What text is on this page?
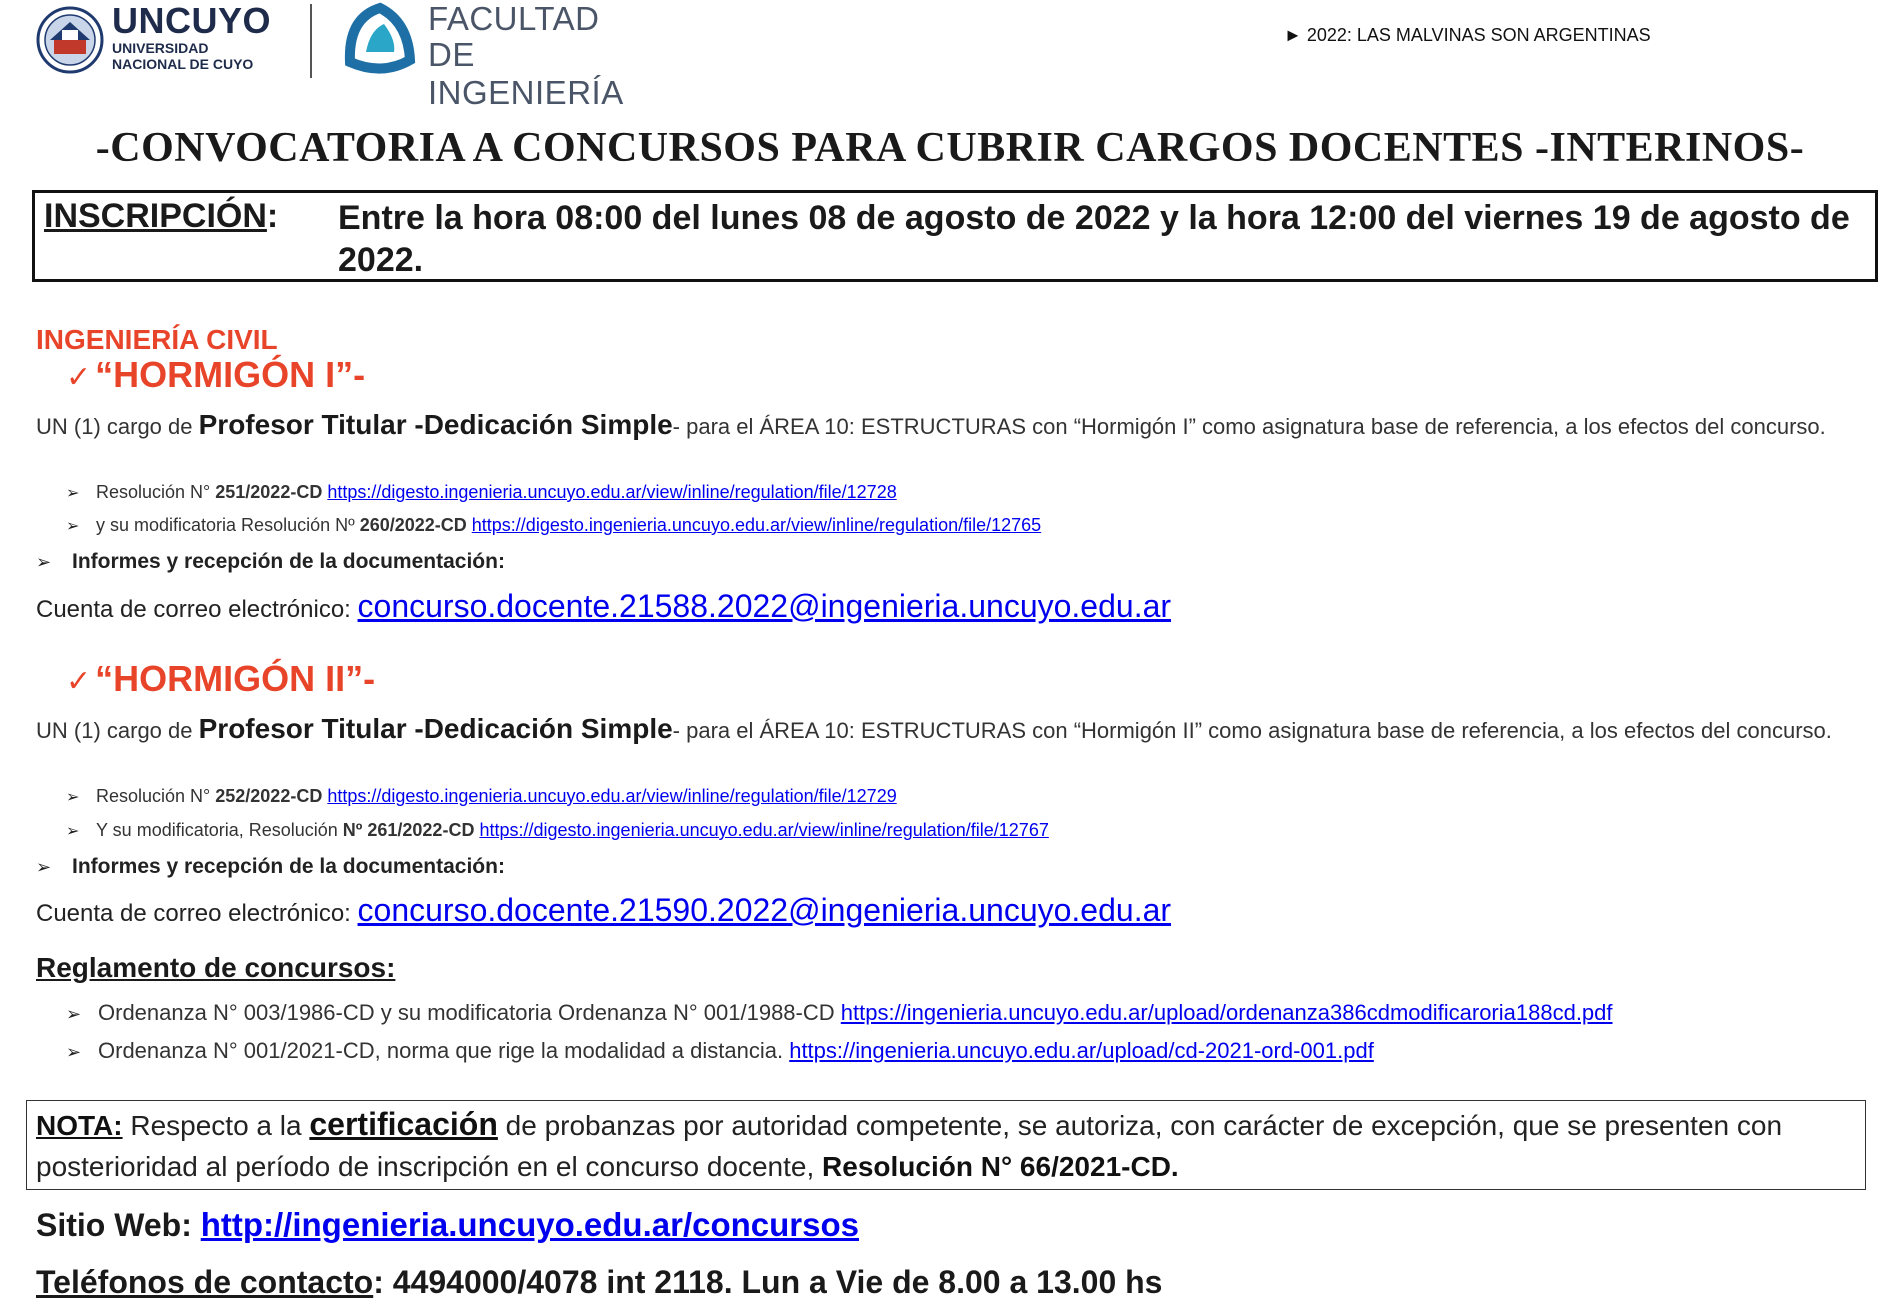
UNCUYO
UNIVERSIDAD
NACIONAL DE CUYO
FACULTAD
DE INGENIERÍA
► 2022: LAS MALVINAS SON ARGENTINAS
-CONVOCATORIA A CONCURSOS PARA CUBRIR CARGOS DOCENTES -INTERINOS-
INSCRIPCIÓN: Entre la hora 08:00 del lunes 08 de agosto de 2022 y la hora 12:00 del viernes 19 de agosto de 2022.
INGENIERÍA CIVIL
✓ “HORMIGÓN I”-
UN (1) cargo de Profesor Titular -Dedicación Simple- para el ÁREA 10: ESTRUCTURAS con “Hormigón I” como asignatura base de referencia, a los efectos del concurso.
➢ Resolución N° 251/2022-CD https://digesto.ingenieria.uncuyo.edu.ar/view/inline/regulation/file/12728
➢ y su modificatoria Resolución Nº 260/2022-CD https://digesto.ingenieria.uncuyo.edu.ar/view/inline/regulation/file/12765
➢ Informes y recepción de la documentación:
Cuenta de correo electrónico: concurso.docente.21588.2022@ingenieria.uncuyo.edu.ar
✓ “HORMIGÓN II”-
UN (1) cargo de Profesor Titular -Dedicación Simple- para el ÁREA 10: ESTRUCTURAS con “Hormigón II” como asignatura base de referencia, a los efectos del concurso.
➢ Resolución N° 252/2022-CD https://digesto.ingenieria.uncuyo.edu.ar/view/inline/regulation/file/12729
➢ Y su modificatoria, Resolución Nº 261/2022-CD https://digesto.ingenieria.uncuyo.edu.ar/view/inline/regulation/file/12767
➢ Informes y recepción de la documentación:
Cuenta de correo electrónico: concurso.docente.21590.2022@ingenieria.uncuyo.edu.ar
Reglamento de concursos:
➢ Ordenanza N° 003/1986-CD y su modificatoria Ordenanza N° 001/1988-CD https://ingenieria.uncuyo.edu.ar/upload/ordenanza386cdmodificaroria188cd.pdf
➢ Ordenanza N° 001/2021-CD, norma que rige la modalidad a distancia. https://ingenieria.uncuyo.edu.ar/upload/cd-2021-ord-001.pdf
NOTA: Respecto a la certificación de probanzas por autoridad competente, se autoriza, con carácter de excepción, que se presenten con posterioridad al período de inscripción en el concurso docente, Resolución N° 66/2021-CD.
Sitio Web: http://ingenieria.uncuyo.edu.ar/concursos
Teléfonos de contacto: 4494000/4078 int 2118. Lun a Vie de 8.00 a 13.00 hs
